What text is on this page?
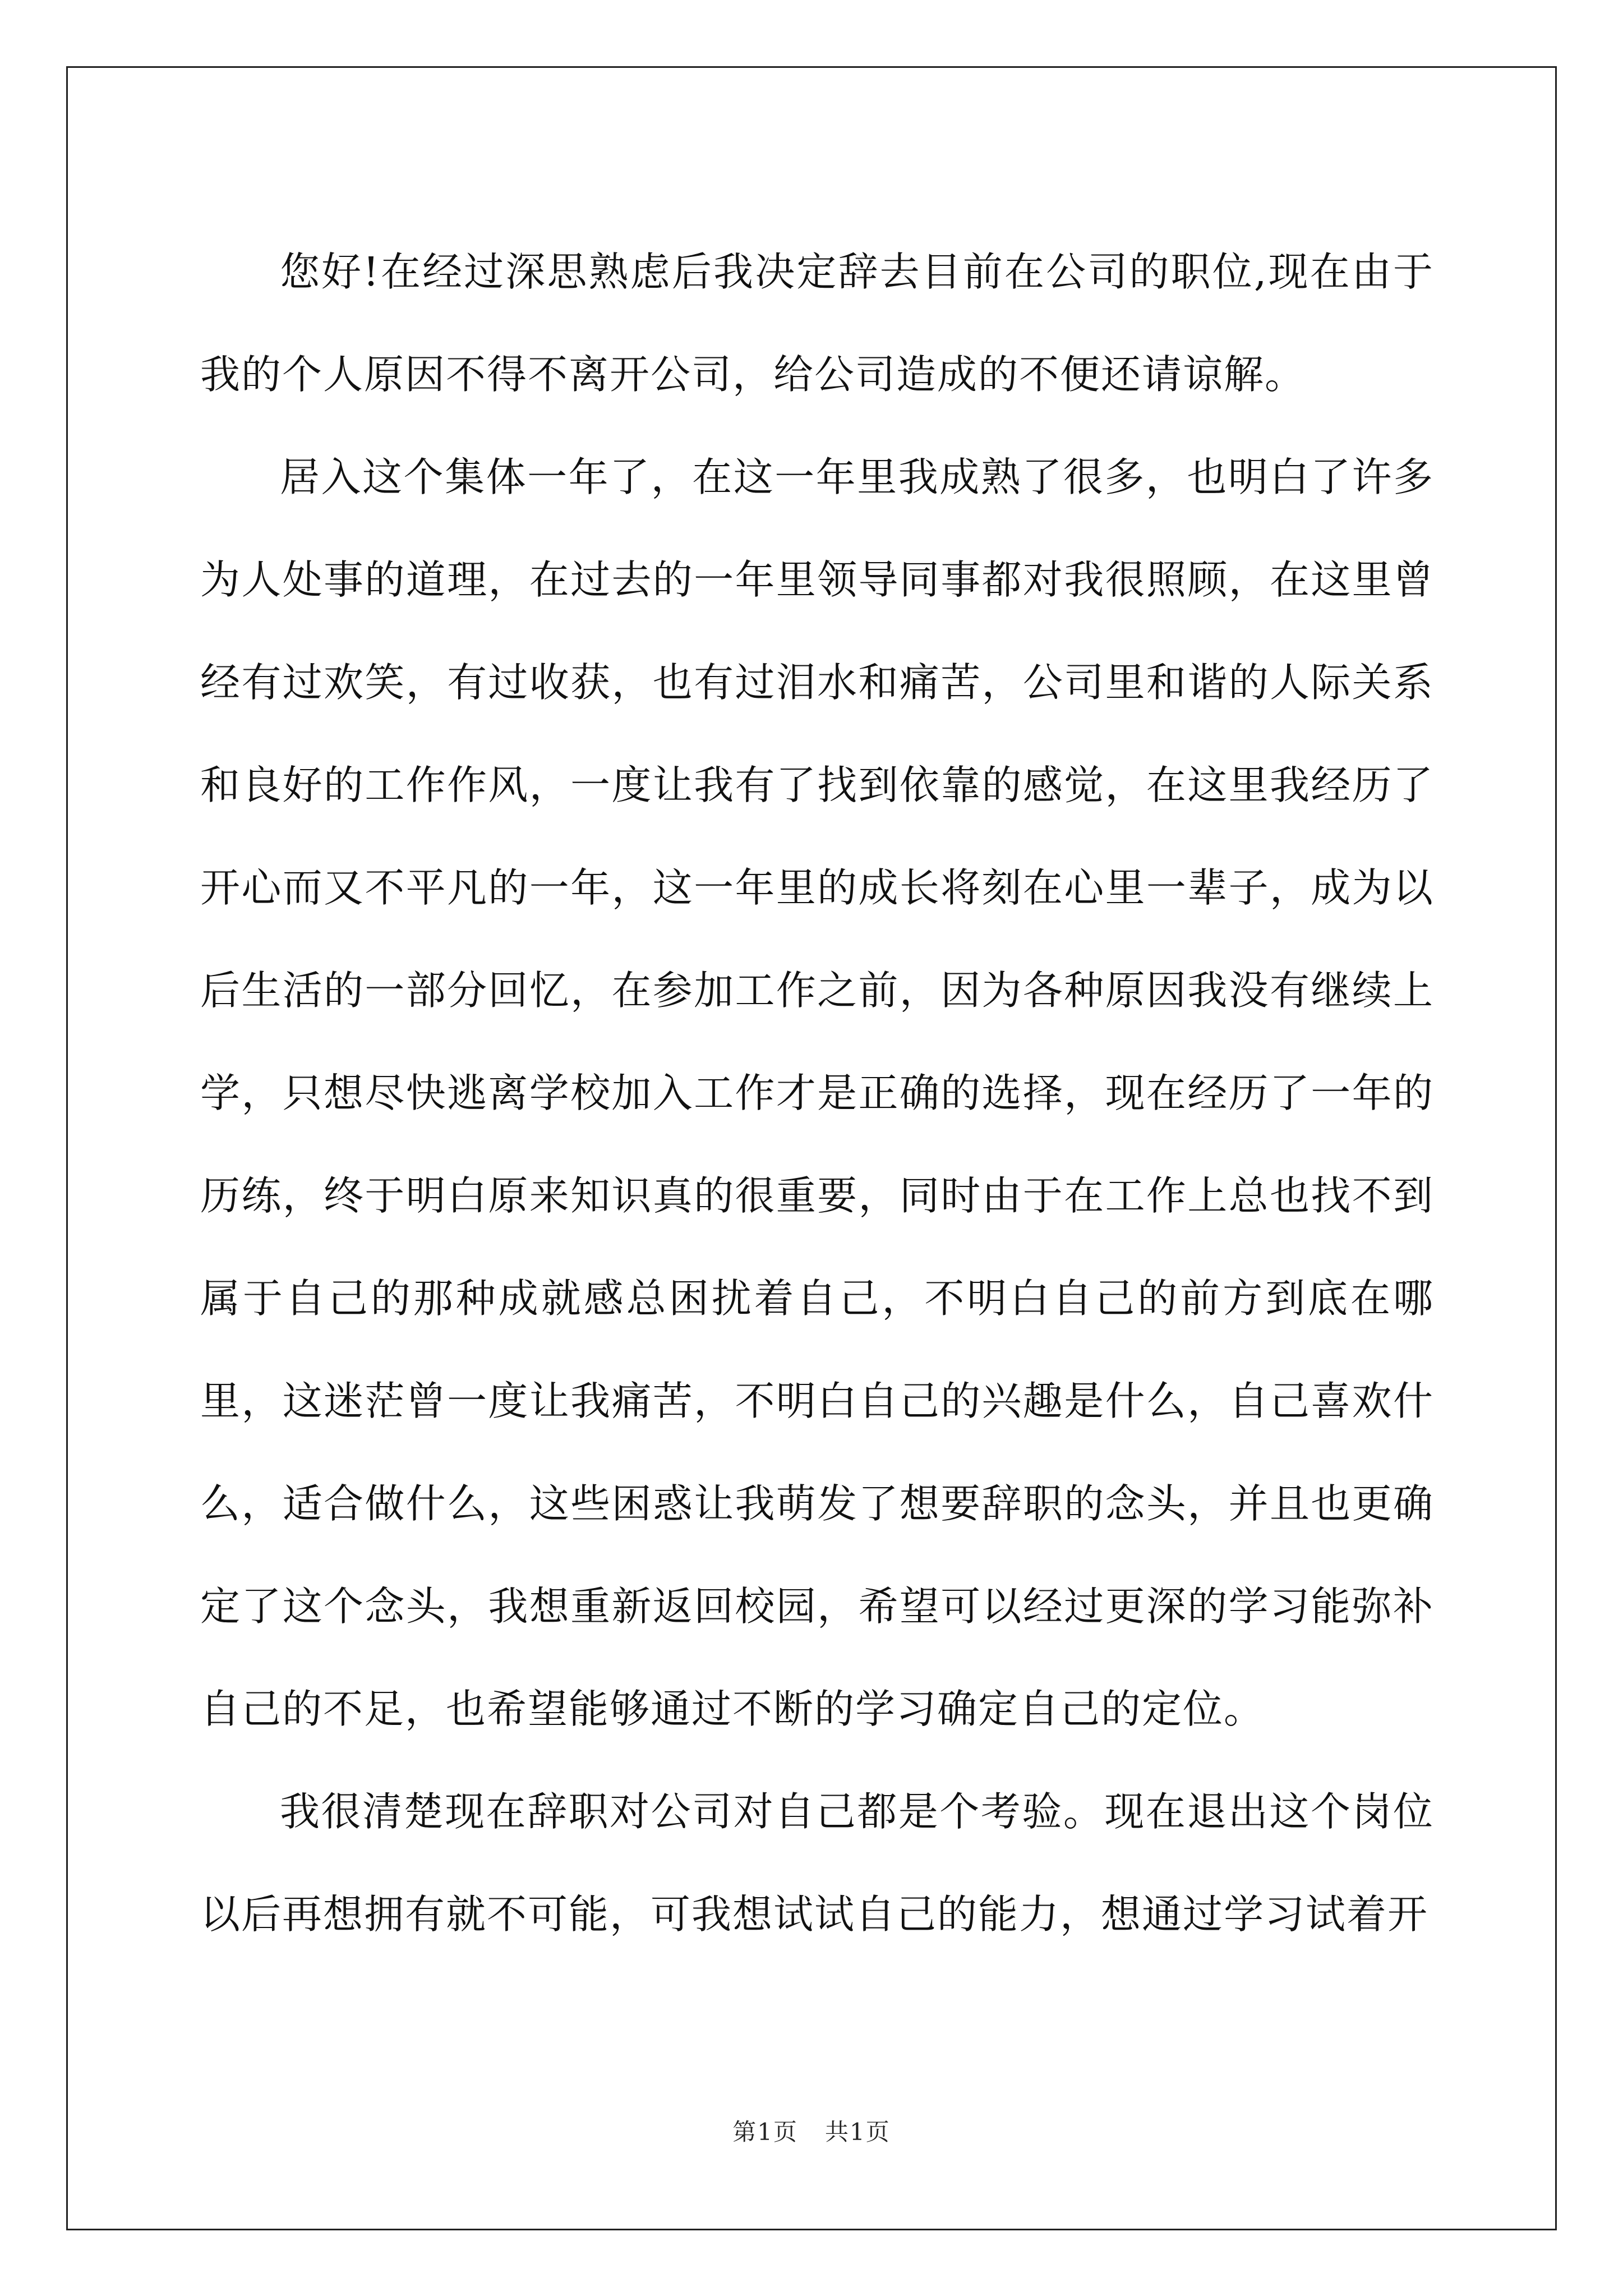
您好!在经过深思熟虑后我决定辞去目前在公司的职位,现在由于我的个人原因不得不离开公司，给公司造成的不便还请谅解。

居入这个集体一年了，在这一年里我成熟了很多，也明白了许多为人处事的道理，在过去的一年里领导同事都对我很照顾，在这里曾经有过欢笑，有过收获，也有过泪水和痛苦，公司里和谐的人际关系和良好的工作作风，一度让我有了找到依靠的感觉，在这里我经历了开心而又不平凡的一年，这一年里的成长将刻在心里一辈子，成为以后生活的一部分回忆，在参加工作之前，因为各种原因我没有继续上学，只想尽快逃离学校加入工作才是正确的选择，现在经历了一年的历练，终于明白原来知识真的很重要，同时由于在工作上总也找不到属于自己的那种成就感总困扰着自己，不明白自己的前方到底在哪里，这迷茫曾一度让我痛苦，不明白自己的兴趣是什么，自己喜欢什么，适合做什么，这些困惑让我萌发了想要辞职的念头，并且也更确定了这个念头，我想重新返回校园，希望可以经过更深的学习能弥补自己的不足，也希望能够通过不断的学习确定自己的定位。

我很清楚现在辞职对公司对自己都是个考验。现在退出这个岗位以后再想拥有就不可能，可我想试试自己的能力，想通过学习试着开

第1页 共1页
